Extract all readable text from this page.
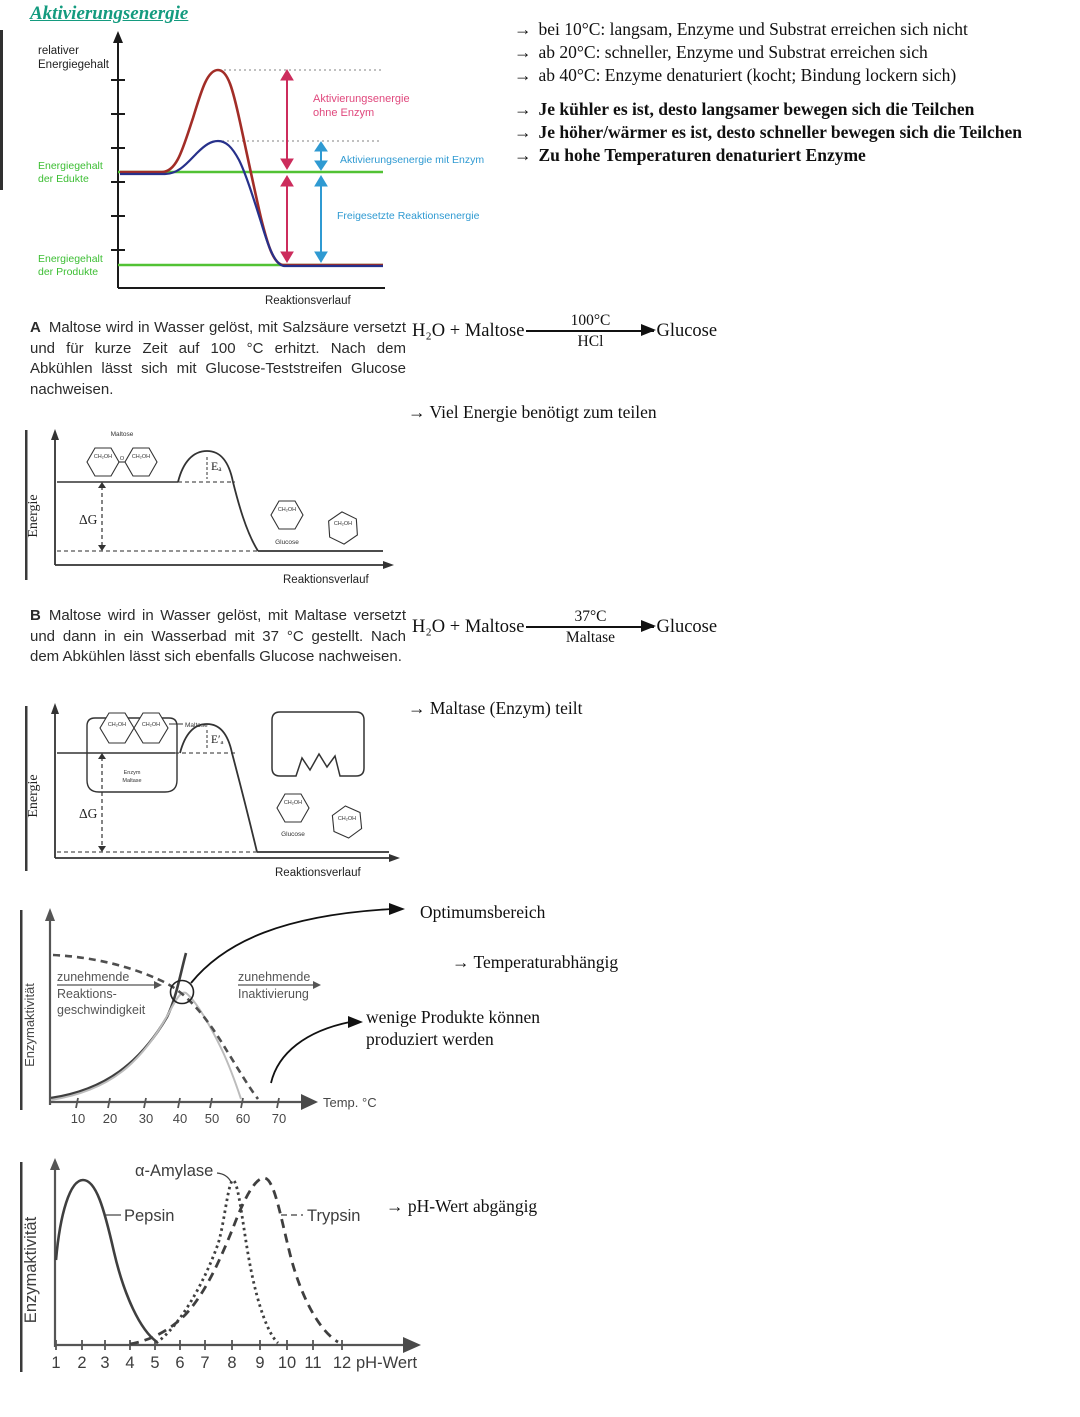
Aktivierungsenergie
relativer
Energiegehalt
Energiegehalt
der Edukte
Energiegehalt
der Produkte
Aktivierungsenergie
ohne Enzym
Aktivierungsenergie mit Enzym
Freigesetzte Reaktionsenergie
Reaktionsverlauf
→ bei 10°C: langsam, Enzyme und Substrat erreichen sich nicht
→ ab 20°C: schneller, Enzyme und Substrat erreichen sich
→ ab 40°C: Enzyme denaturiert (kocht; Bindung lockern sich)
→ Je kühler es ist, desto langsamer bewegen sich die Teilchen
→ Je höher/wärmer es ist, desto schneller bewegen sich die Teilchen
→ Zu hohe Temperaturen denaturiert Enzyme
A Maltose wird in Wasser gelöst, mit Salzsäure versetzt und für kurze Zeit auf 100 °C erhitzt. Nach dem Abkühlen lässt sich mit Glucose-Teststreifen Glucose nachweisen.
H₂O + Maltose
100°C
HCl
Glucose
→ Viel Energie benötigt zum teilen
Energie	ΔG
Eₐ
Maltose
CH₂OH	CH₂OH
O
CH₂OH
CH₂OH
Glucose
Reaktionsverlauf
B Maltose wird in Wasser gelöst, mit Maltase versetzt und dann in ein Wasserbad mit 37 °C gestellt. Nach dem Abkühlen lässt sich ebenfalls Glucose nachweisen.
H₂O + Maltose
37°C
Maltase
Glucose
→ Maltase (Enzym) teilt
Energie	ΔG
E′ₐ
CH₂OH	CH₂OH	Maltose
Enzym
Maltase
CH₂OH
CH₂OH
Glucose
Reaktionsverlauf
10 20 30 40 50 60 70
Temp. °C
Enzymaktivität
zunehmende
Reaktions-
geschwindigkeit
zunehmende
Inaktivierung
Optimumsbereich
→ Temperaturabhängig
wenige Produkte können produziert werden
1 2 3 4 5 6 7 8 9 10 11 12 pH-Wert
Enzymaktivität
α-Amylase
Pepsin	Trypsin → pH-Wert abgängig
